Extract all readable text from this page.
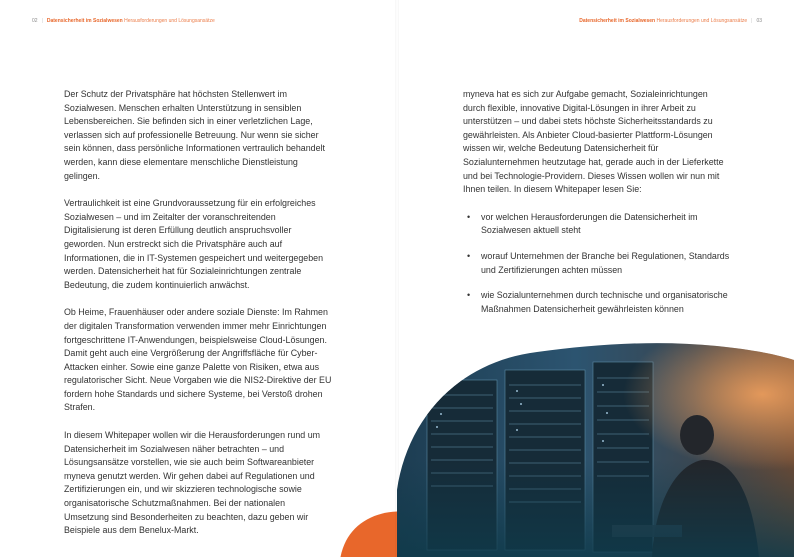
02 | Datensicherheit im Sozialwesen Herausforderungen und Lösungsansätze

Der Schutz der Privatsphäre hat höchsten Stellenwert im Sozialwesen. Menschen erhalten Unterstützung in sensiblen Lebensbereichen. Sie befinden sich in einer verletzlichen Lage, verlassen sich auf professionelle Betreuung. Nur wenn sie sicher sein können, dass persönliche Informationen vertraulich behandelt werden, kann diese elementare menschliche Dienstleistung gelingen.

Vertraulichkeit ist eine Grundvoraussetzung für ein erfolgreiches Sozialwesen – und im Zeitalter der voranschreitenden Digitalisierung ist deren Erfüllung deutlich anspruchsvoller geworden. Nun erstreckt sich die Privatsphäre auch auf Informationen, die in IT-Systemen gespeichert und weitergegeben werden. Datensicherheit hat für Sozialeinrichtungen zentrale Bedeutung, die zudem kontinuierlich anwächst.

Ob Heime, Frauenhäuser oder andere soziale Dienste: Im Rahmen der digitalen Transformation verwenden immer mehr Einrichtungen fortgeschrittene IT-Anwendungen, beispielsweise Cloud-Lösungen. Damit geht auch eine Vergrößerung der Angriffsfläche für Cyber-Attacken einher. Sowie eine ganze Palette von Risiken, etwa aus regulatorischer Sicht. Neue Vorgaben wie die NIS2-Direktive der EU fordern hohe Standards und sichere Systeme, bei Verstoß drohen Strafen.

In diesem Whitepaper wollen wir die Herausforderungen rund um Datensicherheit im Sozialwesen näher betrachten – und Lösungsansätze vorstellen, wie sie auch beim Softwareanbieter myneva genutzt werden. Wir gehen dabei auf Regulationen und Zertifizierungen ein, und wir skizzieren technologische sowie organisatorische Schutzmaßnahmen. Bei der nationalen Umsetzung sind Besonderheiten zu beachten, dazu geben wir Beispiele aus dem Benelux-Markt.

Datensicherheit im Sozialwesen Herausforderungen und Lösungsansätze | 03

myneva hat es sich zur Aufgabe gemacht, Sozialeinrichtungen durch flexible, innovative Digital-Lösungen in ihrer Arbeit zu unterstützen – und dabei stets höchste Sicherheitsstandards zu gewährleisten. Als Anbieter Cloud-basierter Plattform-Lösungen wissen wir, welche Bedeutung Datensicherheit für Sozialunternehmen heutzutage hat, gerade auch in der Lieferkette und bei Technologie-Providern. Dieses Wissen wollen wir nun mit Ihnen teilen. In diesem Whitepaper lesen Sie:

• vor welchen Herausforderungen die Datensicherheit im Sozialwesen aktuell steht
• worauf Unternehmen der Branche bei Regulationen, Standards und Zertifizierungen achten müssen
• wie Sozialunternehmen durch technische und organisatorische Maßnahmen Datensicherheit gewährleisten können
